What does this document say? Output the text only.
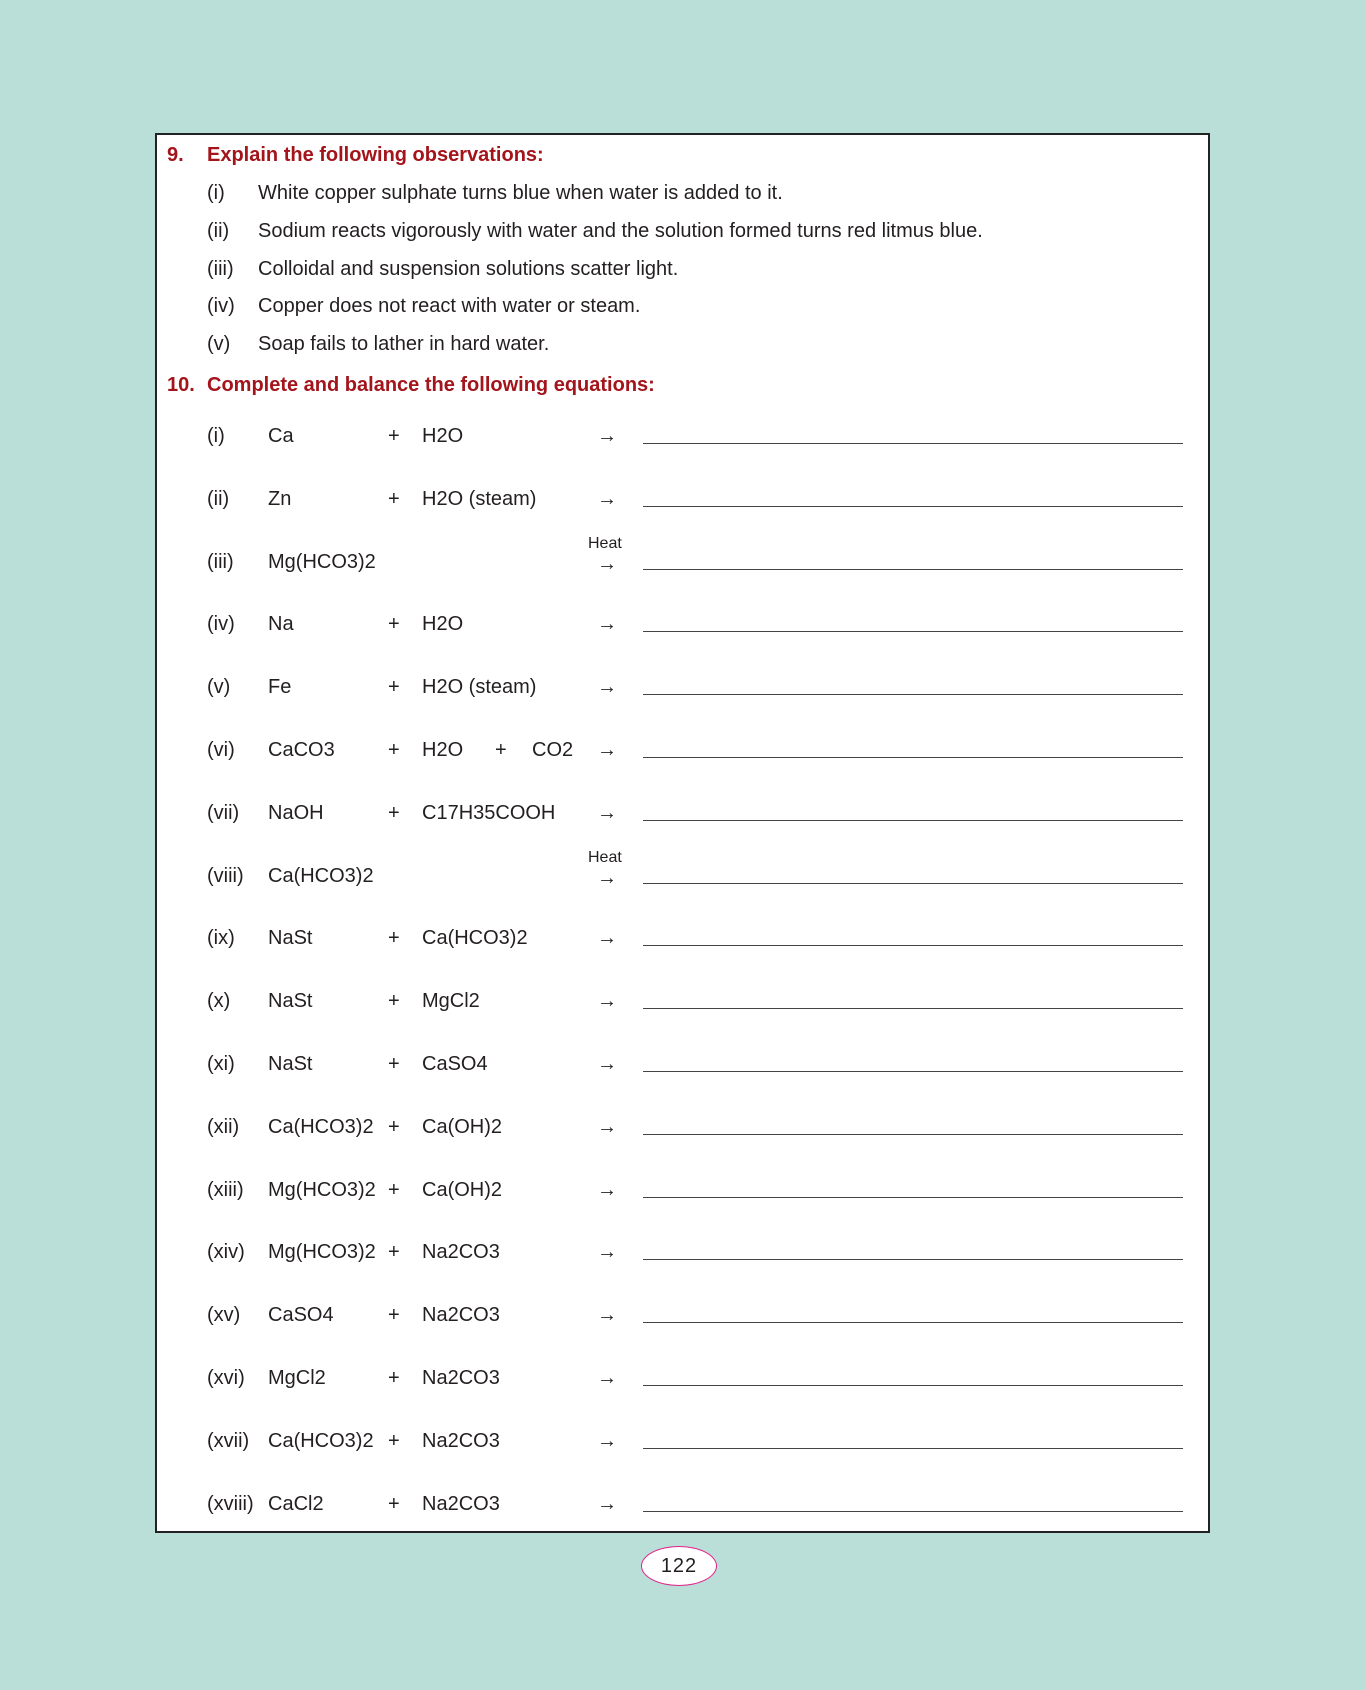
9. Explain the following observations:
(i) White copper sulphate turns blue when water is added to it.
(ii) Sodium reacts vigorously with water and the solution formed turns red litmus blue.
(iii) Colloidal and suspension solutions scatter light.
(iv) Copper does not react with water or steam.
(v) Soap fails to lather in hard water.
10. Complete and balance the following equations:
(i) Ca	+ H2O	→
(ii) Zn	+ H2O (steam)	→
(iii) Mg(HCO3)2
Heat
→
(iv) Na	+ H2O	→
(v) Fe	+ H2O (steam)	→
(vi) CaCO3	+ H2O + CO2 →
(vii) NaOH	+ C17H35COOH →
(viii) Ca(HCO3)2
Heat
→
(ix) NaSt	+ Ca(HCO3)2	→
(x) NaSt	+ MgCl2	→
(xi) NaSt	+ CaSO4	→
(xii) Ca(HCO3)2 + Ca(OH)2	→
(xiii) Mg(HCO3)2 + Ca(OH)2	→
(xiv) Mg(HCO3)2 + Na2CO3	→
(xv) CaSO4	+ Na2CO3	→
(xvi) MgCl2	+ Na2CO3	→
(xvii) Ca(HCO3)2 + Na2CO3	→
(xviii) CaCl2	+ Na2CO3	→
122
